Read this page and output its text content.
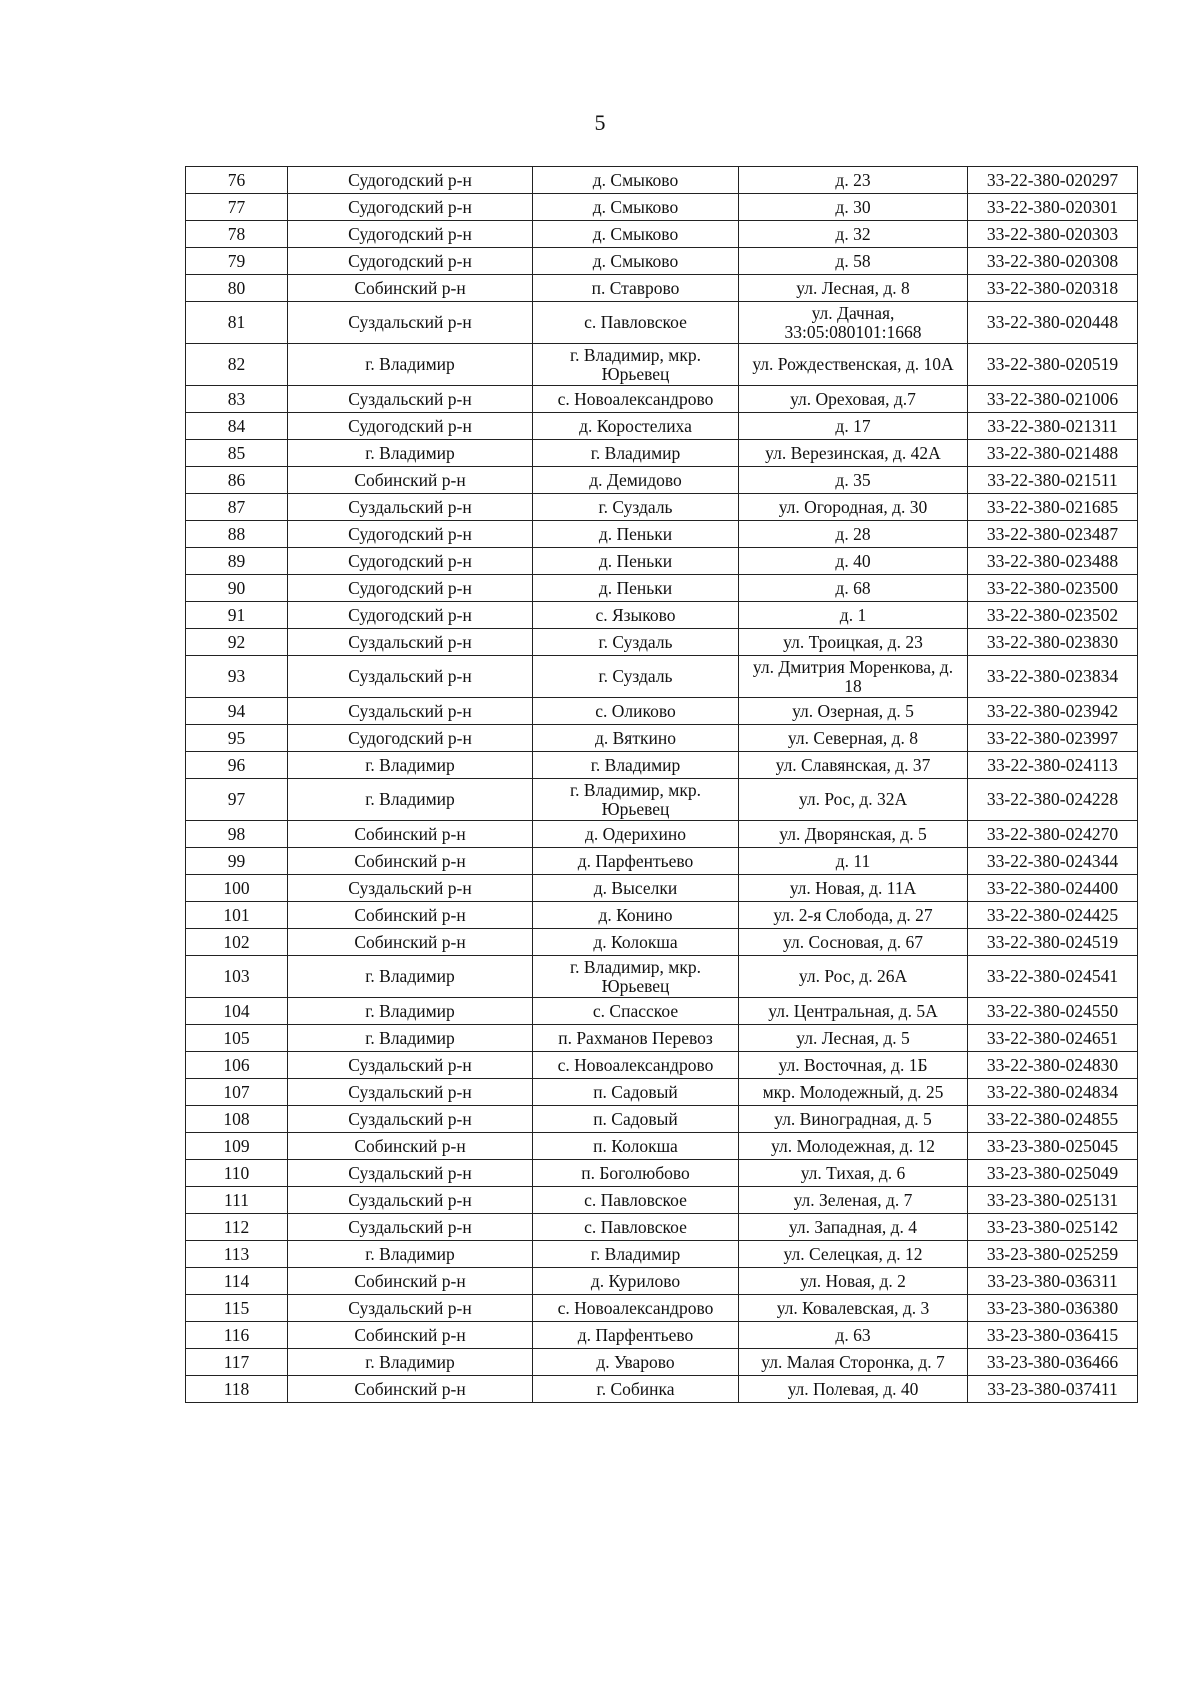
5
76	Судогодский р-н	д. Смыково	д. 23	33-22-380-020297
77	Судогодский р-н	д. Смыково	д. 30	33-22-380-020301
78	Судогодский р-н	д. Смыково	д. 32	33-22-380-020303
79	Судогодский р-н	д. Смыково	д. 58	33-22-380-020308
80	Собинский р-н	п. Ставрово	ул. Лесная, д. 8	33-22-380-020318
81	Суздальский р-н	с. Павловское	ул. Дачная, 33:05:080101:1668	33-22-380-020448
82	г. Владимир	г. Владимир, мкр. Юрьевец	ул. Рождественская, д. 10А	33-22-380-020519
83	Суздальский р-н	с. Новоалександрово	ул. Ореховая, д.7	33-22-380-021006
84	Судогодский р-н	д. Коростелиха	д. 17	33-22-380-021311
85	г. Владимир	г. Владимир	ул. Верезинская, д. 42А	33-22-380-021488
86	Собинский р-н	д. Демидово	д. 35	33-22-380-021511
87	Суздальский р-н	г. Суздаль	ул. Огородная, д. 30	33-22-380-021685
88	Судогодский р-н	д. Пеньки	д. 28	33-22-380-023487
89	Судогодский р-н	д. Пеньки	д. 40	33-22-380-023488
90	Судогодский р-н	д. Пеньки	д. 68	33-22-380-023500
91	Судогодский р-н	с. Языково	д. 1	33-22-380-023502
92	Суздальский р-н	г. Суздаль	ул. Троицкая, д. 23	33-22-380-023830
93	Суздальский р-н	г. Суздаль	ул. Дмитрия Моренкова, д. 18	33-22-380-023834
94	Суздальский р-н	с. Оликово	ул. Озерная, д. 5	33-22-380-023942
95	Судогодский р-н	д. Вяткино	ул. Северная, д. 8	33-22-380-023997
96	г. Владимир	г. Владимир	ул. Славянская, д. 37	33-22-380-024113
97	г. Владимир	г. Владимир, мкр. Юрьевец	ул. Рос, д. 32А	33-22-380-024228
98	Собинский р-н	д. Одерихино	ул. Дворянская, д. 5	33-22-380-024270
99	Собинский р-н	д. Парфентьево	д. 11	33-22-380-024344
100	Суздальский р-н	д. Выселки	ул. Новая, д. 11А	33-22-380-024400
101	Собинский р-н	д. Конино	ул. 2-я Слобода, д. 27	33-22-380-024425
102	Собинский р-н	д. Колокша	ул. Сосновая, д. 67	33-22-380-024519
103	г. Владимир	г. Владимир, мкр. Юрьевец	ул. Рос, д. 26А	33-22-380-024541
104	г. Владимир	с. Спасское	ул. Центральная, д. 5А	33-22-380-024550
105	г. Владимир	п. Рахманов Перевоз	ул. Лесная, д. 5	33-22-380-024651
106	Суздальский р-н	с. Новоалександрово	ул. Восточная, д. 1Б	33-22-380-024830
107	Суздальский р-н	п. Садовый	мкр. Молодежный, д. 25	33-22-380-024834
108	Суздальский р-н	п. Садовый	ул. Виноградная, д. 5	33-22-380-024855
109	Собинский р-н	п. Колокша	ул. Молодежная, д. 12	33-23-380-025045
110	Суздальский р-н	п. Боголюбово	ул. Тихая, д. 6	33-23-380-025049
111	Суздальский р-н	с. Павловское	ул. Зеленая, д. 7	33-23-380-025131
112	Суздальский р-н	с. Павловское	ул. Западная, д. 4	33-23-380-025142
113	г. Владимир	г. Владимир	ул. Селецкая, д. 12	33-23-380-025259
114	Собинский р-н	д. Курилово	ул. Новая, д. 2	33-23-380-036311
115	Суздальский р-н	с. Новоалександрово	ул. Ковалевская, д. 3	33-23-380-036380
116	Собинский р-н	д. Парфентьево	д. 63	33-23-380-036415
117	г. Владимир	д. Уварово	ул. Малая Сторонка, д. 7	33-23-380-036466
118	Собинский р-н	г. Собинка	ул. Полевая, д. 40	33-23-380-037411
